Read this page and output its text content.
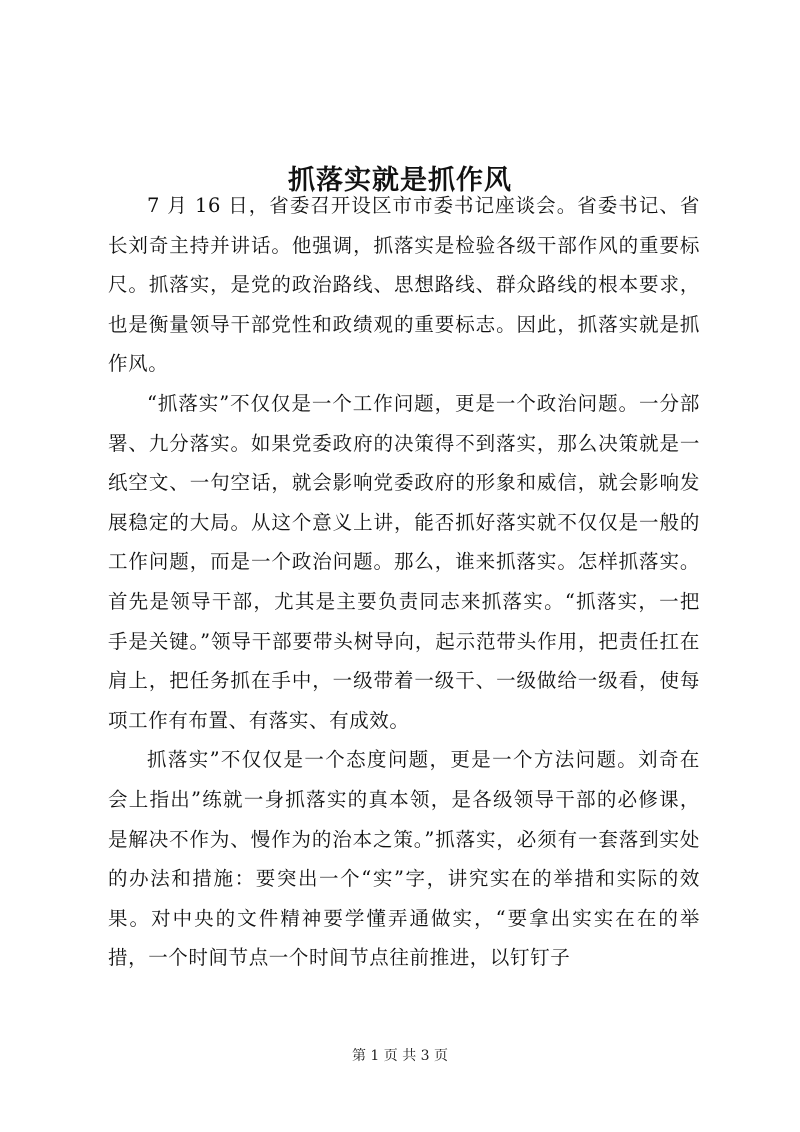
抓落实就是抓作风

7 月 16 日，省委召开设区市市委书记座谈会。省委书记、省长刘奇主持并讲话。他强调，抓落实是检验各级干部作风的重要标尺。抓落实，是党的政治路线、思想路线、群众路线的根本要求，也是衡量领导干部党性和政绩观的重要标志。因此，抓落实就是抓作风。

“抓落实”不仅仅是一个工作问题，更是一个政治问题。一分部署、九分落实。如果党委政府的决策得不到落实，那么决策就是一纸空文、一句空话，就会影响党委政府的形象和威信，就会影响发展稳定的大局。从这个意义上讲，能否抓好落实就不仅仅是一般的工作问题，而是一个政治问题。那么，谁来抓落实。怎样抓落实。首先是领导干部，尤其是主要负责同志来抓落实。“抓落实，一把手是关键。”领导干部要带头树导向，起示范带头作用，把责任扛在肩上，把任务抓在手中，一级带着一级干、一级做给一级看，使每项工作有布置、有落实、有成效。

抓落实”不仅仅是一个态度问题，更是一个方法问题。刘奇在会上指出”练就一身抓落实的真本领，是各级领导干部的必修课，是解决不作为、慢作为的治本之策。”抓落实，必须有一套落到实处的办法和措施：要突出一个“实”字，讲究实在的举措和实际的效果。对中央的文件精神要学懂弄通做实，“要拿出实实在在的举措，一个时间节点一个时间节点往前推进，以钉钉子

第 1 页 共 3 页
